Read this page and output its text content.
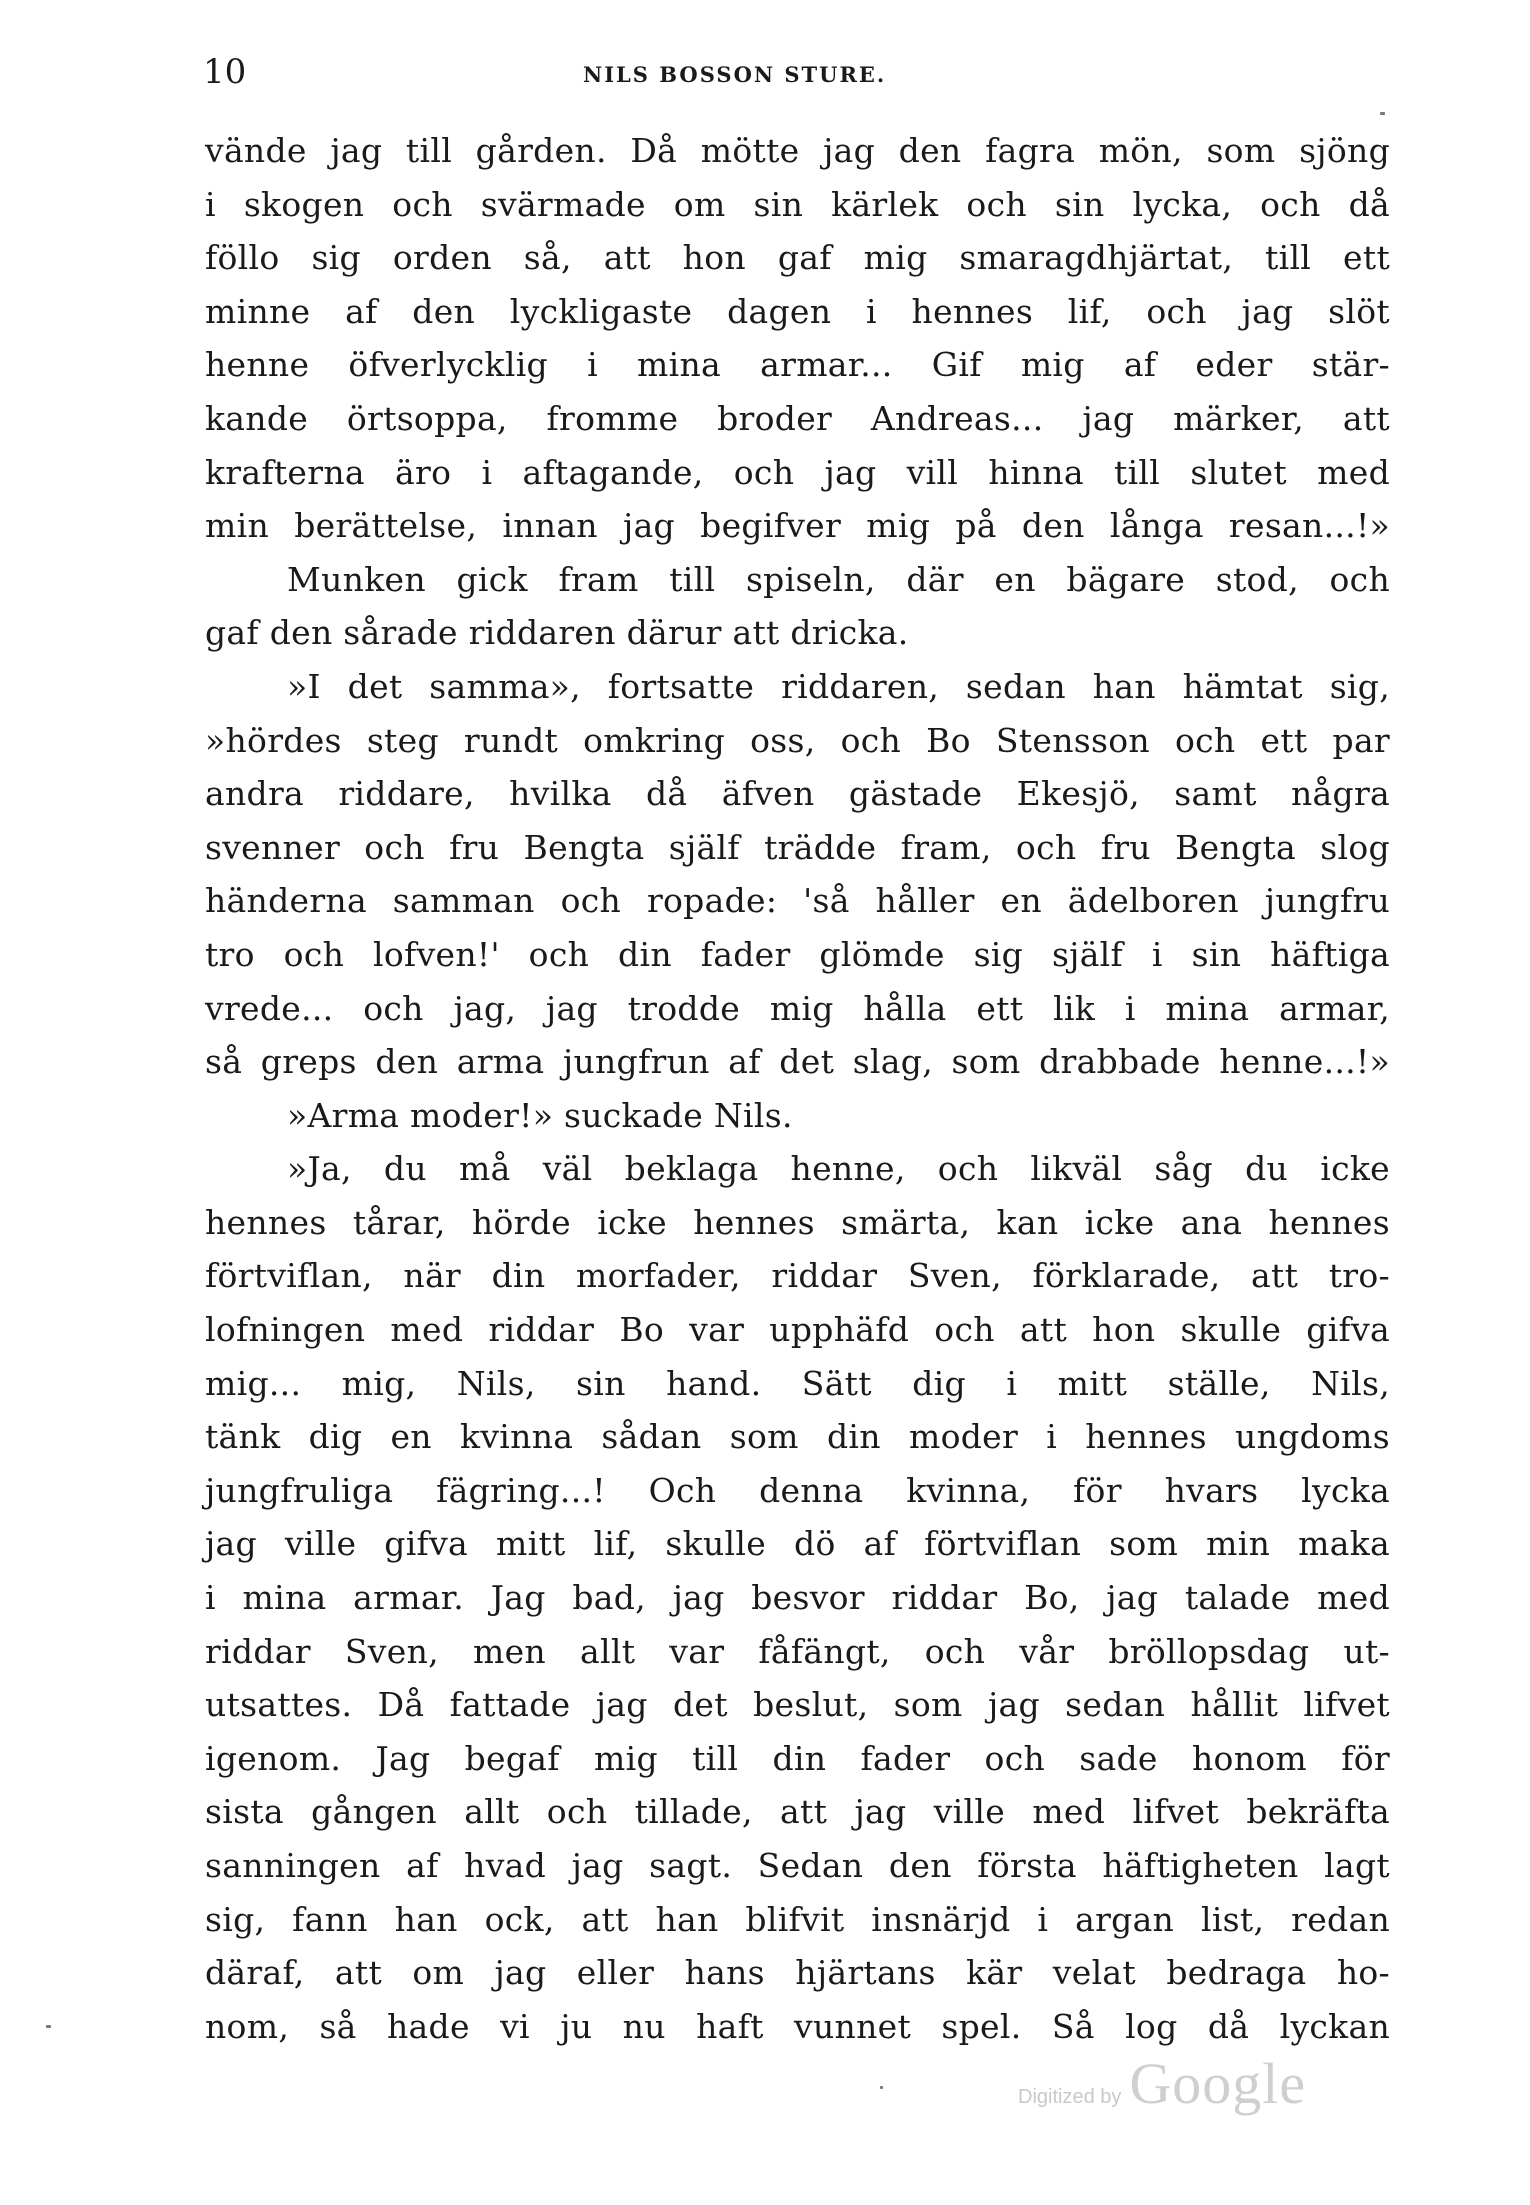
10	NILS BOSSON STURE.
vände jag till gården. Då mötte jag den fagra mön, som sjöng
i skogen och svärmade om sin kärlek och sin lycka, och då
föllo sig orden så, att hon gaf mig smaragdhjärtat, till ett
minne af den lyckligaste dagen i hennes lif, och jag slöt
henne öfverlycklig i mina armar... Gif mig af eder stär-
kande örtsoppa, fromme broder Andreas... jag märker, att
krafterna äro i aftagande, och jag vill hinna till slutet med
min berättelse, innan jag begifver mig på den långa resan...!»
Munken gick fram till spiseln, där en bägare stod, och
gaf den sårade riddaren därur att dricka.
»I det samma», fortsatte riddaren, sedan han hämtat sig,
»hördes steg rundt omkring oss, och Bo Stensson och ett par
andra riddare, hvilka då äfven gästade Ekesjö, samt några
svenner och fru Bengta själf trädde fram, och fru Bengta slog
händerna samman och ropade: 'så håller en ädelboren jungfru
tro och lofven!' och din fader glömde sig själf i sin häftiga
vrede... och jag, jag trodde mig hålla ett lik i mina armar,
så greps den arma jungfrun af det slag, som drabbade henne...!»
»Arma moder!» suckade Nils.
»Ja, du må väl beklaga henne, och likväl såg du icke
hennes tårar, hörde icke hennes smärta, kan icke ana hennes
förtviflan, när din morfader, riddar Sven, förklarade, att tro-
lofningen med riddar Bo var upphäfd och att hon skulle gifva
mig... mig, Nils, sin hand. Sätt dig i mitt ställe, Nils,
tänk dig en kvinna sådan som din moder i hennes ungdoms
jungfruliga fägring...! Och denna kvinna, för hvars lycka
jag ville gifva mitt lif, skulle dö af förtviflan som min maka
i mina armar. Jag bad, jag besvor riddar Bo, jag talade med
riddar Sven, men allt var fåfängt, och vår bröllopsdag ut-
utsattes. Då fattade jag det beslut, som jag sedan hållit lifvet
igenom. Jag begaf mig till din fader och sade honom för
sista gången allt och tillade, att jag ville med lifvet bekräfta
sanningen af hvad jag sagt. Sedan den första häftigheten lagt
sig, fann han ock, att han blifvit insnärjd i argan list, redan
däraf, att om jag eller hans hjärtans kär velat bedraga ho-
nom, så hade vi ju nu haft vunnet spel. Så log då lyckan
Digitized by Google
